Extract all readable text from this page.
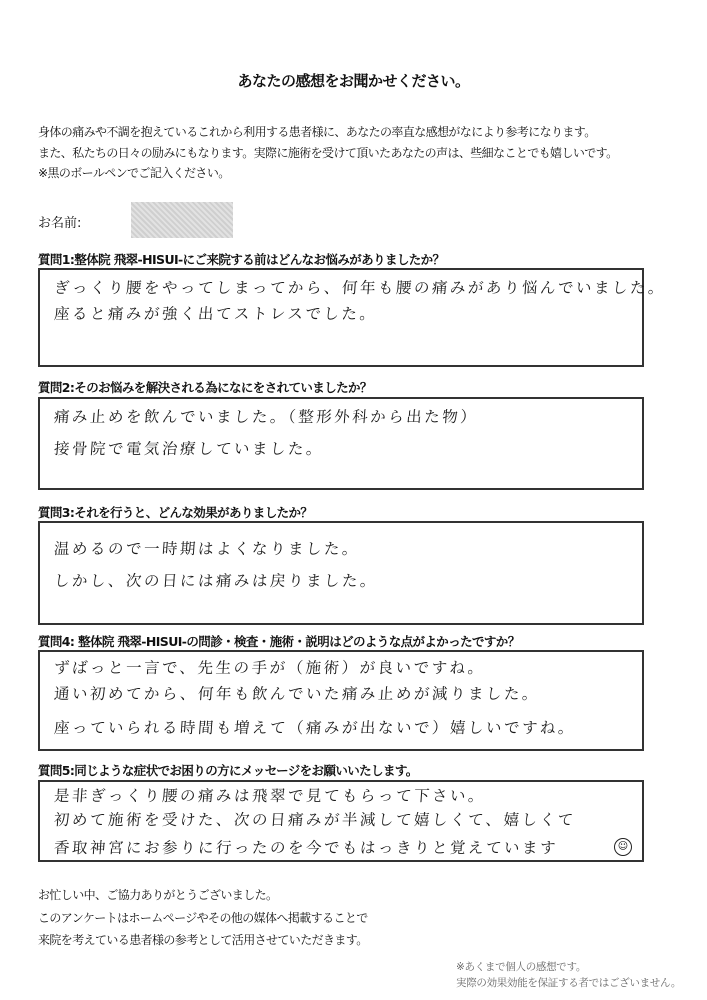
あなたの感想をお聞かせください。
身体の痛みや不調を抱えているこれから利用する患者様に、あなたの率直な感想がなにより参考になります。
また、私たちの日々の励みにもなります。実際に施術を受けて頂いたあなたの声は、些細なことでも嬉しいです。
※黒のボールペンでご記入ください。
お名前:
質問1:整体院 飛翠-HISUI-にご来院する前はどんなお悩みがありましたか？
ぎっくり腰をやってしまってから、何年も腰の痛みがあり悩んでいました。
座ると痛みが強く出てストレスでした。
質問2:そのお悩みを解決される為になにをされていましたか？
痛み止めを飲んでいました。（整形外科から出た物）
接骨院で電気治療していました。
質問3:それを行うと、どんな効果がありましたか？
温めるので一時期はよくなりました。
しかし、次の日には痛みは戻りました。
質問4: 整体院 飛翠-HISUI-の問診・検査・施術・説明はどのような点がよかったですか？
ずばっと一言で、先生の手が（施術）が良いですね。
通い初めてから、何年も飲んでいた痛み止めが減りました。
座っていられる時間も増えて（痛みが出ないで）嬉しいですね。
質問5:同じような症状でお困りの方にメッセージをお願いいたします。
是非ぎっくり腰の痛みは飛翠で見てもらって下さい。
初めて施術を受けた、次の日痛みが半減して嬉しくて、嬉しくて
香取神宮にお参りに行ったのを今でもはっきりと覚えています	☺
お忙しい中、ご協力ありがとうございました。
このアンケートはホームページやその他の媒体へ掲載することで
来院を考えている患者様の参考として活用させていただきます。
※あくまで個人の感想です。
実際の効果効能を保証する者ではございません。
